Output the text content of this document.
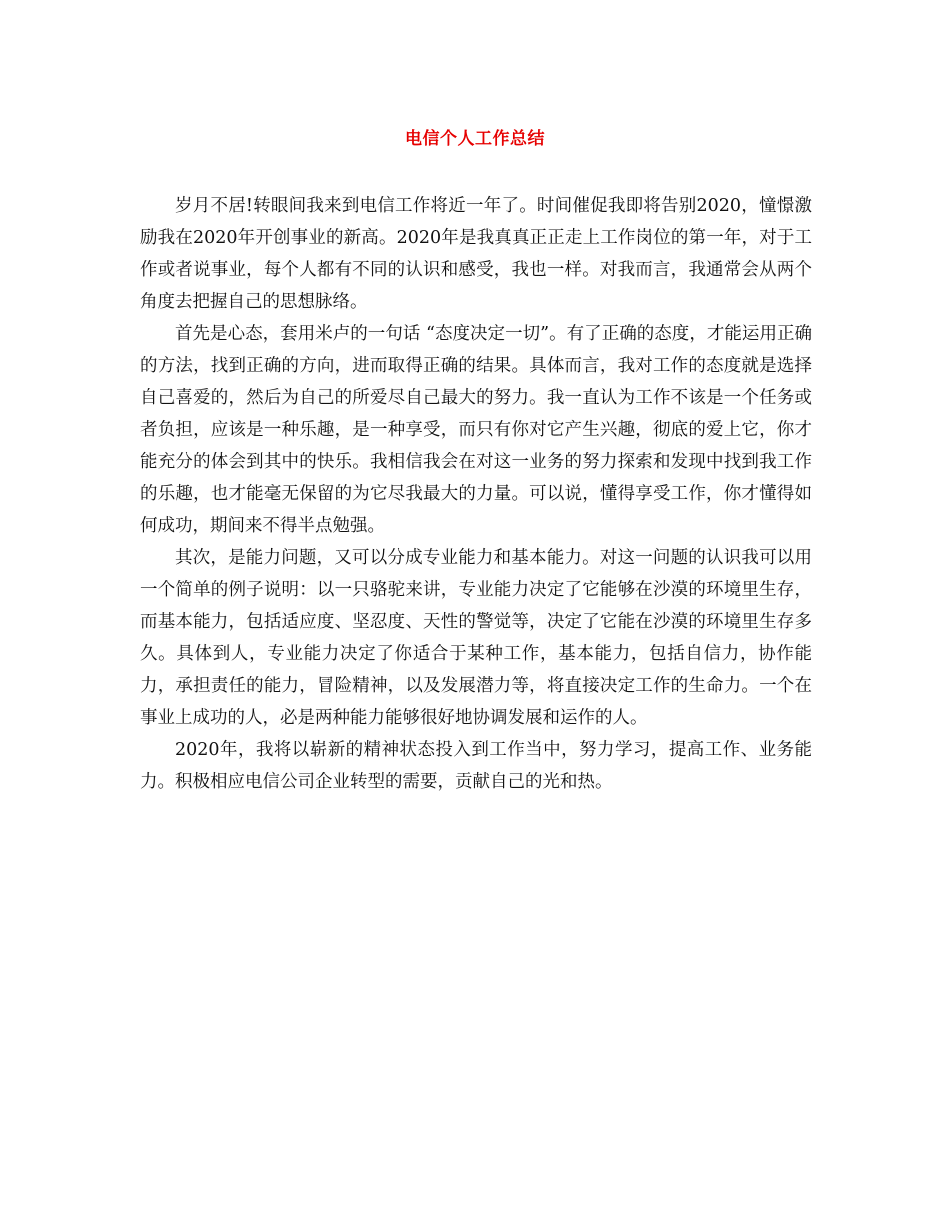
电信个人工作总结

岁月不居!转眼间我来到电信工作将近一年了。时间催促我即将告别2020，憧憬激励我在2020年开创事业的新高。2020年是我真真正正走上工作岗位的第一年，对于工作或者说事业，每个人都有不同的认识和感受，我也一样。对我而言，我通常会从两个角度去把握自己的思想脉络。

首先是心态，套用米卢的一句话 “态度决定一切”。有了正确的态度，才能运用正确的方法，找到正确的方向，进而取得正确的结果。具体而言，我对工作的态度就是选择自己喜爱的，然后为自己的所爱尽自己最大的努力。我一直认为工作不该是一个任务或者负担，应该是一种乐趣，是一种享受，而只有你对它产生兴趣，彻底的爱上它，你才能充分的体会到其中的快乐。我相信我会在对这一业务的努力探索和发现中找到我工作的乐趣，也才能毫无保留的为它尽我最大的力量。可以说，懂得享受工作，你才懂得如何成功，期间来不得半点勉强。

其次，是能力问题，又可以分成专业能力和基本能力。对这一问题的认识我可以用一个简单的例子说明：以一只骆驼来讲，专业能力决定了它能够在沙漠的环境里生存，而基本能力，包括适应度、坚忍度、天性的警觉等，决定了它能在沙漠的环境里生存多久。具体到人，专业能力决定了你适合于某种工作，基本能力，包括自信力，协作能力，承担责任的能力，冒险精神，以及发展潜力等，将直接决定工作的生命力。一个在事业上成功的人，必是两种能力能够很好地协调发展和运作的人。

2020年，我将以崭新的精神状态投入到工作当中，努力学习，提高工作、业务能力。积极相应电信公司企业转型的需要，贡献自己的光和热。
